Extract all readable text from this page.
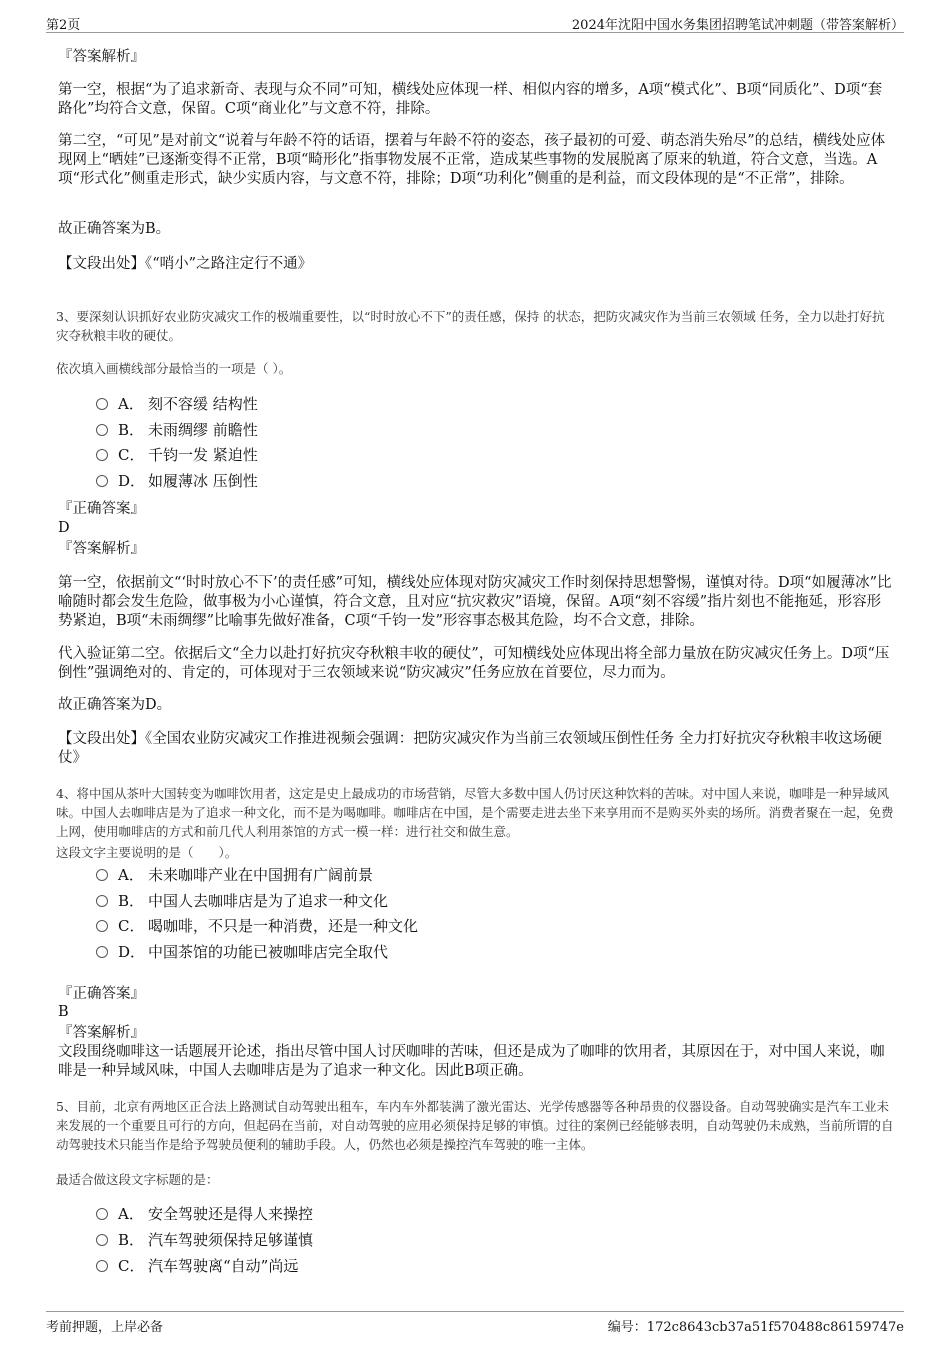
第2页	2024年沈阳中国水务集团招聘笔试冲刺题（带答案解析）

『答案解析』

第一空，根据“为了追求新奇、表现与众不同”可知，横线处应体现一样、相似内容的增多，A项“模式化”、B项“同质化”、D项“套路化”均符合文意，保留。C项“商业化”与文意不符，排除。

第二空，“可见”是对前文“说着与年龄不符的话语，摆着与年龄不符的姿态，孩子最初的可爱、萌态消失殆尽”的总结，横线处应体现网上“晒娃”已逐渐变得不正常，B项“畸形化”指事物发展不正常，造成某些事物的发展脱离了原来的轨道，符合文意，当选。A项“形式化”侧重走形式，缺少实质内容，与文意不符，排除；D项“功利化”侧重的是利益，而文段体现的是“不正常”，排除。

故正确答案为B。

【文段出处】《“哨小”之路注定行不通》

3、要深刻认识抓好农业防灾减灾工作的极端重要性，以“时时放心不下”的责任感，保持 的状态，把防灾减灾作为当前三农领域 任务，全力以赴打好抗灾夺秋粮丰收的硬仗。

依次填入画横线部分最恰当的一项是（ ）。

A． 刻不容缓 结构性
B． 未雨绸缪 前瞻性
C． 千钧一发 紧迫性
D． 如履薄冰 压倒性

『正确答案』

D

『答案解析』

第一空，依据前文“‘时时放心不下’的责任感”可知，横线处应体现对防灾减灾工作时刻保持思想警惕，谨慎对待。D项“如履薄冰”比喻随时都会发生危险，做事极为小心谨慎，符合文意，且对应“抗灾救灾”语境，保留。A项“刻不容缓”指片刻也不能拖延，形容形势紧迫，B项“未雨绸缪”比喻事先做好准备，C项“千钧一发”形容事态极其危险，均不合文意，排除。

代入验证第二空。依据后文“全力以赴打好抗灾夺秋粮丰收的硬仗”，可知横线处应体现出将全部力量放在防灾减灾任务上。D项“压倒性”强调绝对的、肯定的，可体现对于三农领域来说“防灾减灾”任务应放在首要位，尽力而为。

故正确答案为D。

【文段出处】《全国农业防灾减灾工作推进视频会强调：把防灾减灾作为当前三农领域压倒性任务 全力打好抗灾夺秋粮丰收这场硬仗》

4、将中国从茶叶大国转变为咖啡饮用者，这定是史上最成功的市场营销，尽管大多数中国人仍讨厌这种饮料的苦味。对中国人来说，咖啡是一种异域风味。中国人去咖啡店是为了追求一种文化，而不是为喝咖啡。咖啡店在中国，是个需要走进去坐下来享用而不是购买外卖的场所。消费者聚在一起，免费上网，使用咖啡店的方式和前几代人利用茶馆的方式一模一样：进行社交和做生意。

这段文字主要说明的是（　　）。

A． 未来咖啡产业在中国拥有广阔前景
B． 中国人去咖啡店是为了追求一种文化
C． 喝咖啡，不只是一种消费，还是一种文化
D． 中国茶馆的功能已被咖啡店完全取代

『正确答案』

B

『答案解析』

文段围绕咖啡这一话题展开论述，指出尽管中国人讨厌咖啡的苦味，但还是成为了咖啡的饮用者，其原因在于，对中国人来说，咖啡是一种异域风味，中国人去咖啡店是为了追求一种文化。因此B项正确。

5、目前，北京有两地区正合法上路测试自动驾驶出租车，车内车外都装满了激光雷达、光学传感器等各种昂贵的仪器设备。自动驾驶确实是汽车工业未来发展的一个重要且可行的方向，但起码在当前，对自动驾驶的应用必须保持足够的审慎。过往的案例已经能够表明，自动驾驶仍未成熟，当前所谓的自动驾驶技术只能当作是给予驾驶员便利的辅助手段。人，仍然也必须是操控汽车驾驶的唯一主体。

最适合做这段文字标题的是：

A． 安全驾驶还是得人来操控
B． 汽车驾驶须保持足够谨慎
C． 汽车驾驶离“自动”尚远
考前押题，上岸必备	编号：172c8643cb37a51f570488c86159747e
